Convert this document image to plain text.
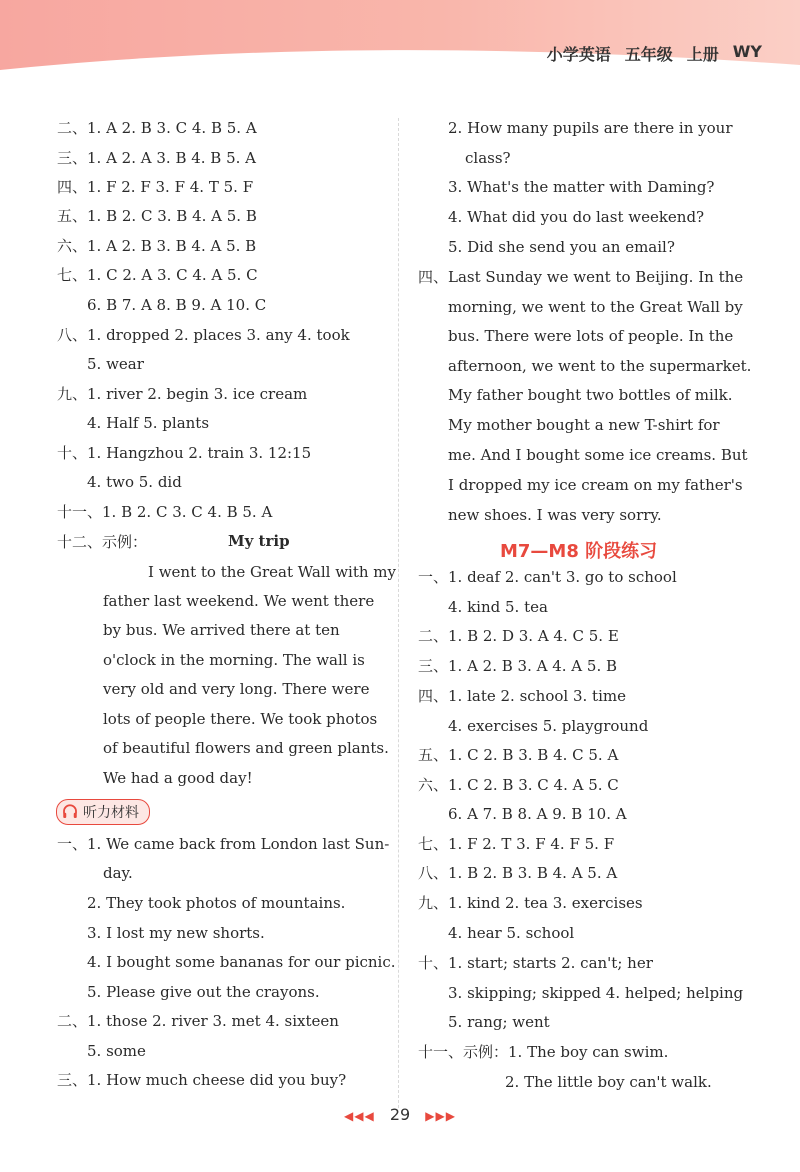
小学英语 五年级 上册 WY
二、1. A 2. B 3. C 4. B 5. A
三、1. A 2. A 3. B 4. B 5. A
四、1. F 2. F 3. F 4. T 5. F
五、1. B 2. C 3. B 4. A 5. B
六、1. A 2. B 3. B 4. A 5. B
七、1. C 2. A 3. C 4. A 5. C
6. B 7. A 8. B 9. A 10. C
八、1. dropped 2. places 3. any 4. took
5. wear
九、1. river 2. begin 3. ice cream
4. Half 5. plants
十、1. Hangzhou 2. train 3. 12:15
4. two 5. did
十一、1. B 2. C 3. C 4. B 5. A
十二、示例：
I went to the Great Wall with my
father last weekend. We went there
by bus. We arrived there at ten
o'clock in the morning. The wall is
very old and very long. There were
lots of people there. We took photos
of beautiful flowers and green plants.
We had a good day!
一、1. We came back from London last Sun-
day.
2. They took photos of mountains.
3. I lost my new shorts.
4. I bought some bananas for our picnic.
5. Please give out the crayons.
二、1. those 2. river 3. met 4. sixteen
5. some
三、1. How much cheese did you buy?
My trip
听力材料
2. How many pupils are there in your
class?
3. What's the matter with Daming?
4. What did you do last weekend?
5. Did she send you an email?
四、Last Sunday we went to Beijing. In the
morning, we went to the Great Wall by
bus. There were lots of people. In the
afternoon, we went to the supermarket.
My father bought two bottles of milk.
My mother bought a new T-shirt for
me. And I bought some ice creams. But
I dropped my ice cream on my father's
new shoes. I was very sorry.
一、1. deaf 2. can't 3. go to school
4. kind 5. tea
二、1. B 2. D 3. A 4. C 5. E
三、1. A 2. B 3. A 4. A 5. B
四、1. late 2. school 3. time
4. exercises 5. playground
五、1. C 2. B 3. B 4. C 5. A
六、1. C 2. B 3. C 4. A 5. C
6. A 7. B 8. A 9. B 10. A
七、1. F 2. T 3. F 4. F 5. F
八、1. B 2. B 3. B 4. A 5. A
九、1. kind 2. tea 3. exercises
4. hear 5. school
十、1. start; starts 2. can't; her
3. skipping; skipped 4. helped; helping
5. rang; went
十一、示例：1. The boy can swim.
2. The little boy can't walk.
M7—M8 阶段练习
◀◀◀ 29 ▶▶▶
